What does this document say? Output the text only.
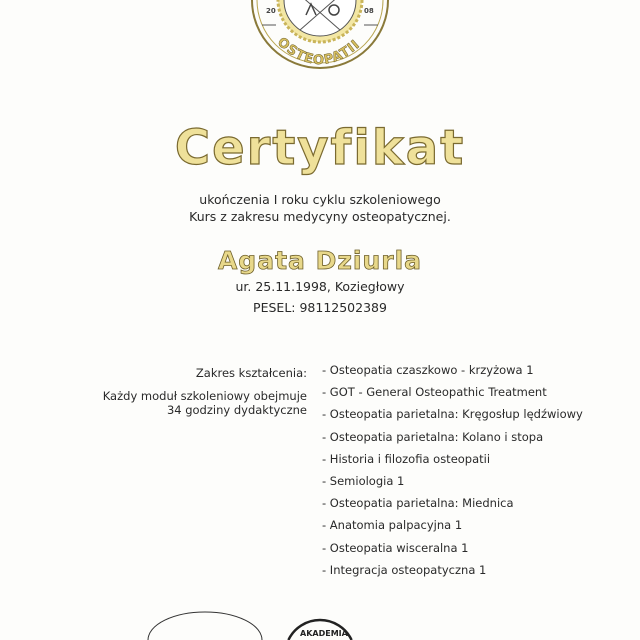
20	08
OSTEOPATII
Certyfikat
ukończenia I roku cyklu szkoleniowego
Kurs z zakresu medycyny osteopatycznej.
Agata Dziurla
ur. 25.11.1998, Koziegłowy
PESEL: 98112502389
Zakres kształcenia:
Każdy moduł szkoleniowy obejmuje
34 godziny dydaktyczne
- Osteopatia czaszkowo - krzyżowa 1
- GOT - General Osteopathic Treatment
- Osteopatia parietalna: Kręgosłup lędźwiowy
- Osteopatia parietalna: Kolano i stopa
- Historia i filozofia osteopatii
- Semiologia 1
- Osteopatia parietalna: Miednica
- Anatomia palpacyjna 1
- Osteopatia wisceralna 1
- Integracja osteopatyczna 1
AKADEMIA
